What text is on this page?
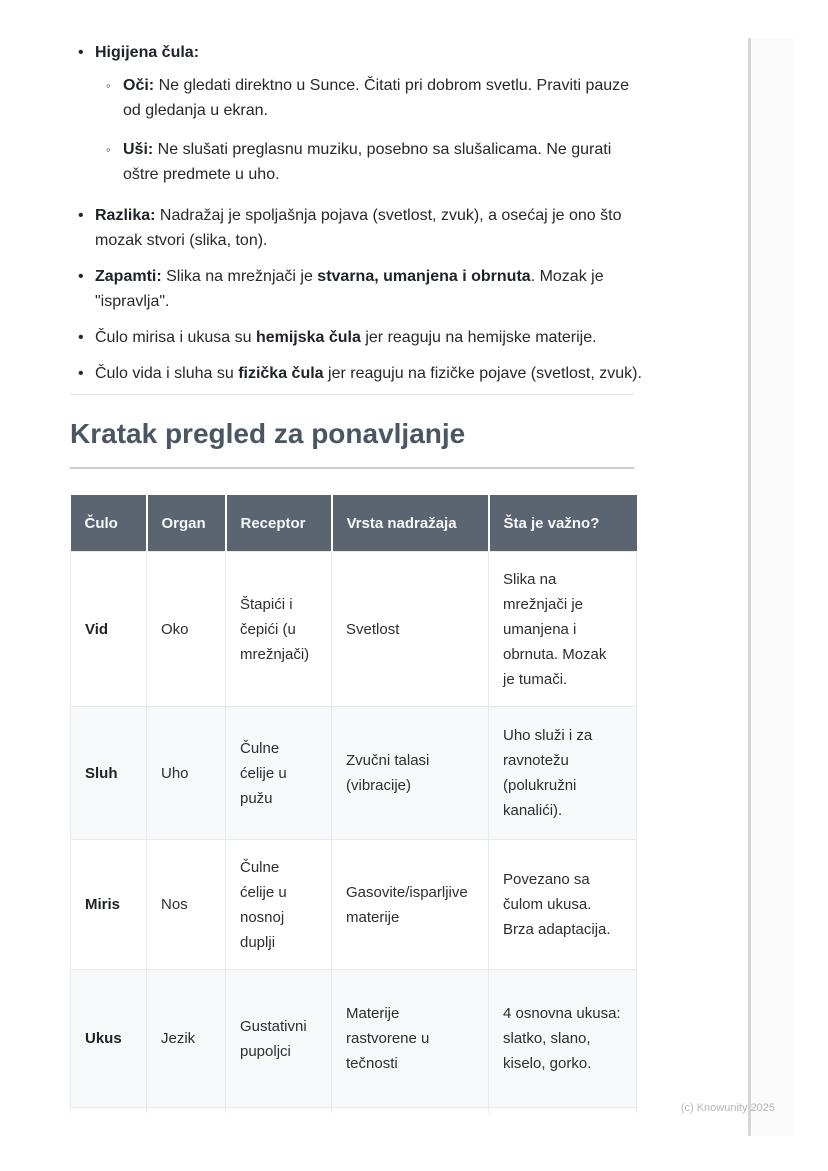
• Higijena čula:
◦ Oči: Ne gledati direktno u Sunce. Čitati pri dobrom svetlu. Praviti pauze od gledanja u ekran.
◦ Uši: Ne slušati preglasnu muziku, posebno sa slušalicama. Ne gurati oštre predmete u uho.
• Razlika: Nadražaj je spoljašnja pojava (svetlost, zvuk), a osećaj je ono što mozak stvori (slika, ton).
• Zapamti: Slika na mrežnjači je stvarna, umanjena i obrnuta. Mozak je "ispravlja".
• Čulo mirisa i ukusa su hemijska čula jer reaguju na hemijske materije.
• Čulo vida i sluha su fizička čula jer reaguju na fizičke pojave (svetlost, zvuk).
Kratak pregled za ponavljanje
Čulo	Organ	Receptor	Vrsta nadražaja	Šta je važno?
Vid	Oko	Štapići i čepići (u mrežnjači)	Svetlost	Slika na mrežnjači je umanjena i obrnuta. Mozak je tumači.
Sluh	Uho	Čulne ćelije u pužu	Zvučni talasi (vibracije)	Uho služi i za ravnotežu (polukružni kanalići).
Miris	Nos	Čulne ćelije u nosnoj duplji	Gasovite/isparljive materije	Povezano sa čulom ukusa. Brza adaptacija.
Ukus	Jezik	Gustativni pupoljci	Materije rastvorene u tečnosti	4 osnovna ukusa: slatko, slano, kiselo, gorko.

(c) Knowunity 2025
